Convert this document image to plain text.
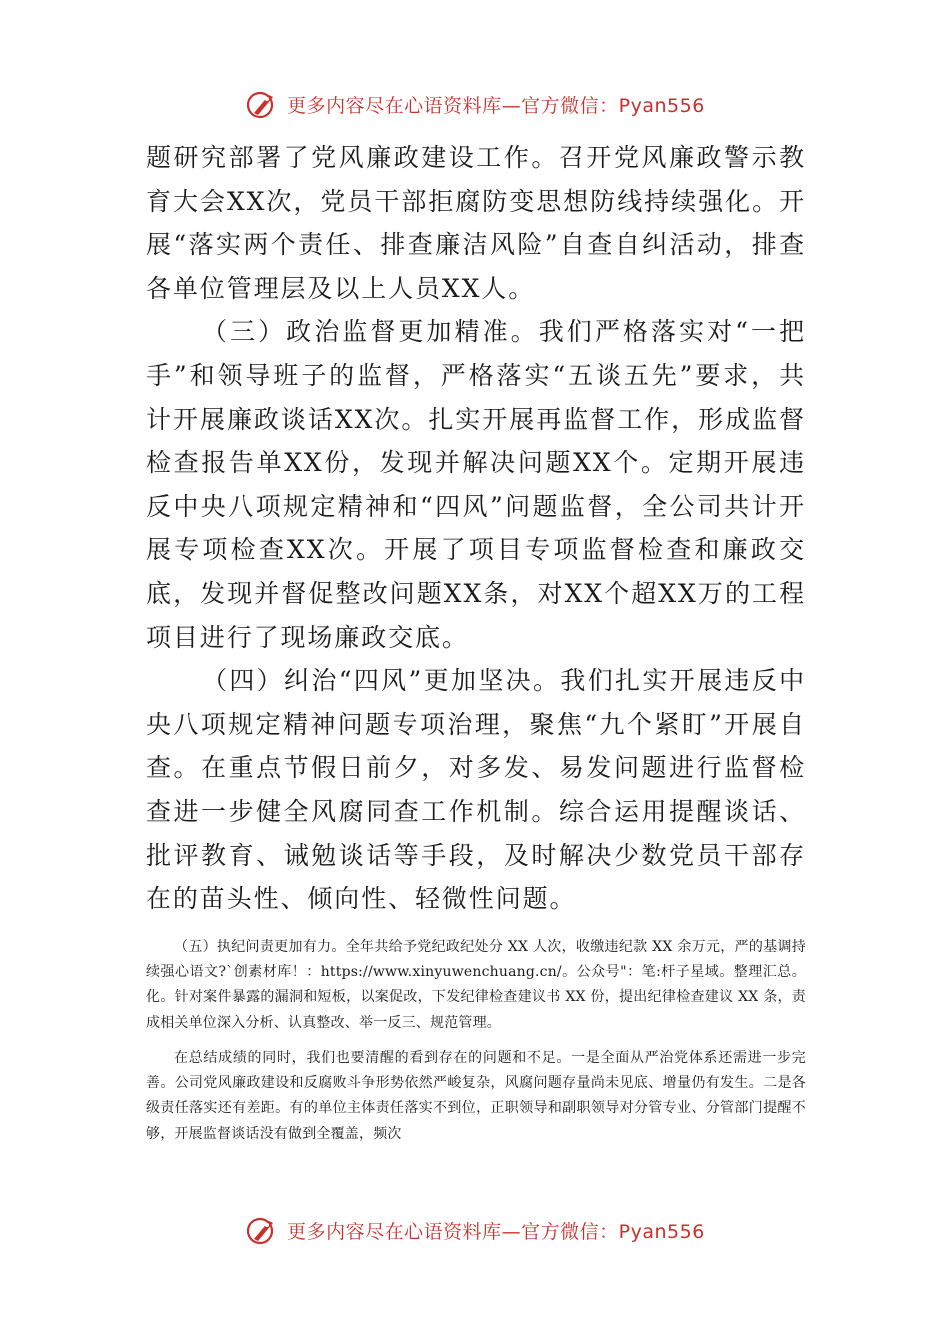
更多内容尽在心语资料库—官方微信：Pyan556

题研究部署了党风廉政建设工作。召开党风廉政警示教育大会XX次，党员干部拒腐防变思想防线持续强化。开展“落实两个责任、排查廉洁风险”自查自纠活动，排查各单位管理层及以上人员XX人。

（三）政治监督更加精准。我们严格落实对“一把手”和领导班子的监督，严格落实“五谈五先”要求，共计开展廉政谈话XX次。扎实开展再监督工作，形成监督检查报告单XX份，发现并解决问题XX个。定期开展违反中央八项规定精神和“四风”问题监督，全公司共计开展专项检查XX次。开展了项目专项监督检查和廉政交底，发现并督促整改问题XX条，对XX个超XX万的工程项目进行了现场廉政交底。

（四）纠治“四风”更加坚决。我们扎实开展违反中央八项规定精神问题专项治理，聚焦“九个紧盯”开展自查。在重点节假日前夕，对多发、易发问题进行监督检查进一步健全风腐同查工作机制。综合运用提醒谈话、批评教育、诫勉谈话等手段，及时解决少数党员干部存在的苗头性、倾向性、轻微性问题。

（五）执纪问责更加有力。全年共给予党纪政纪处分 XX 人次，收缴违纪款 XX 余万元，严的基调持续强心语文?`创素材库！：https://www.xinyuwenchuang.cn/。公众号"：笔:杆子星域。整理汇总。化。针对案件暴露的漏洞和短板，以案促改，下发纪律检查建议书 XX 份，提出纪律检查建议 XX 条，责成相关单位深入分析、认真整改、举一反三、规范管理。

在总结成绩的同时，我们也要清醒的看到存在的问题和不足。一是全面从严治党体系还需进一步完善。公司党风廉政建设和反腐败斗争形势依然严峻复杂，风腐问题存量尚未见底、增量仍有发生。二是各级责任落实还有差距。有的单位主体责任落实不到位，正职领导和副职领导对分管专业、分管部门提醒不够，开展监督谈话没有做到全覆盖，频次

更多内容尽在心语资料库—官方微信：Pyan556
